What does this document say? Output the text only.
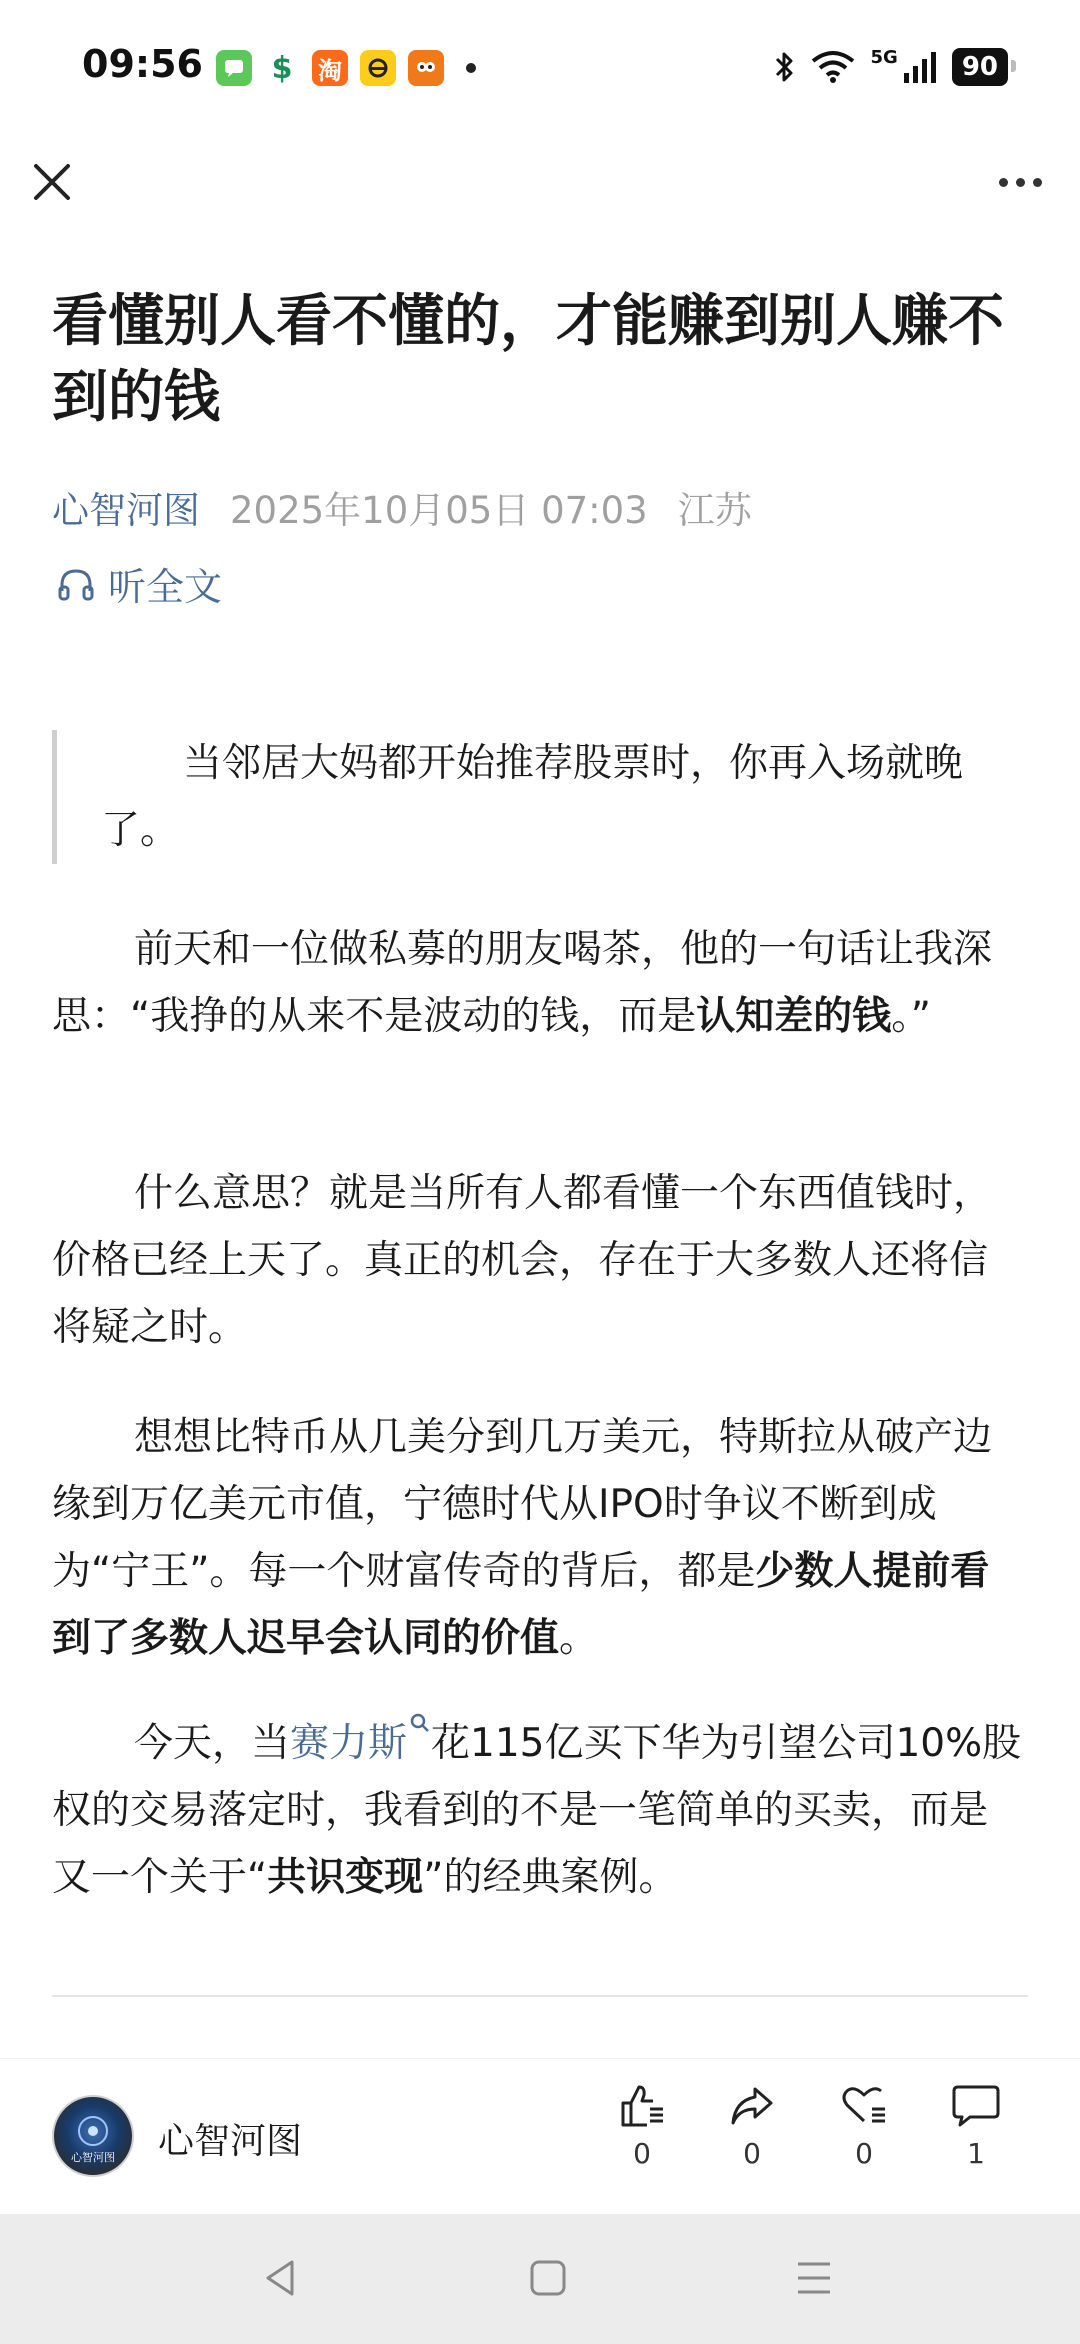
09:56 $	淘	5G	90
看懂别人看不懂的，才能赚到别人赚不到的钱
心智河图 2025年10月05日 07:03 江苏
听全文

当邻居大妈都开始推荐股票时，你再入场就晚了。

前天和一位做私募的朋友喝茶，他的一句话让我深思：“我挣的从来不是波动的钱，而是认知差的钱。”

什么意思？就是当所有人都看懂一个东西值钱时，价格已经上天了。真正的机会，存在于大多数人还将信将疑之时。

想想比特币从几美分到几万美元，特斯拉从破产边缘到万亿美元市值，宁德时代从IPO时争议不断到成为“宁王”。每一个财富传奇的背后，都是少数人提前看到了多数人迟早会认同的价值。

今天，当赛力斯 花115亿买下华为引望公司10%股权的交易落定时，我看到的不是一笔简单的买卖，而是又一个关于“共识变现”的经典案例。

心智河图	心智河图	0	0	0	1
